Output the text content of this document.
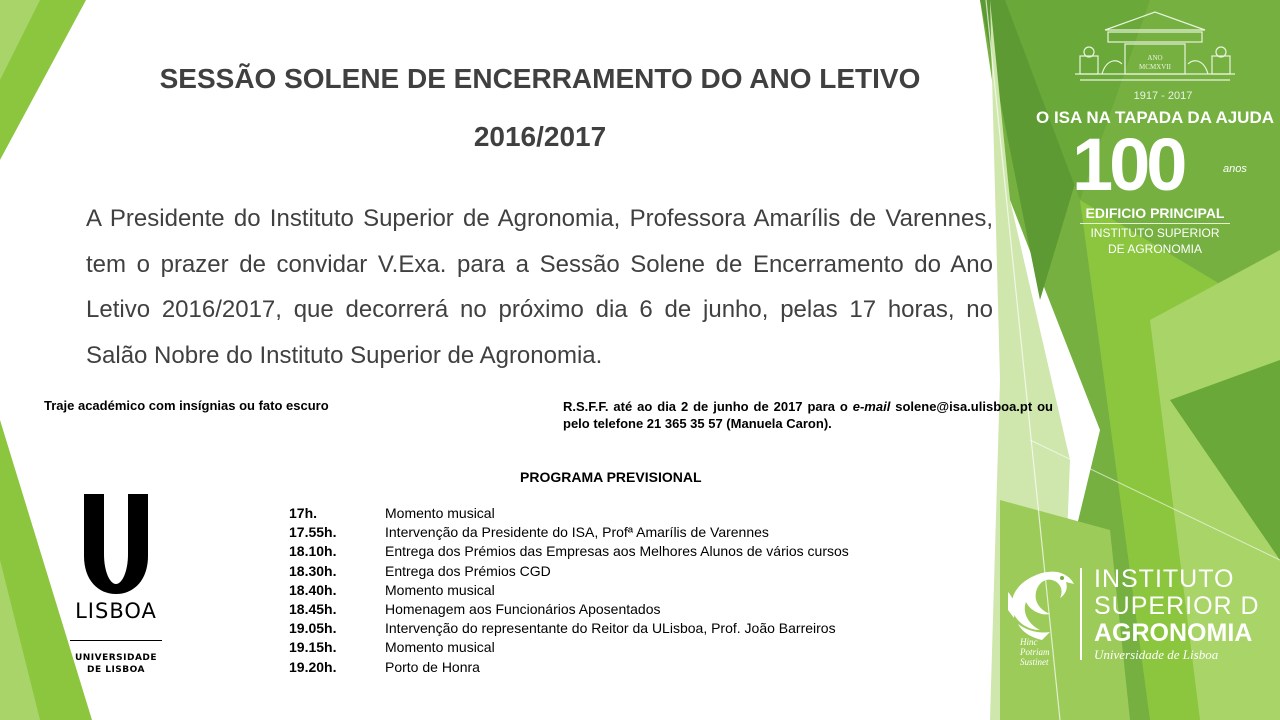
SESSÃO SOLENE DE ENCERRAMENTO DO ANO LETIVO
2016/2017
A Presidente do Instituto Superior de Agronomia, Professora Amarílis de Varennes, tem o prazer de convidar V.Exa. para a Sessão Solene de Encerramento do Ano Letivo 2016/2017, que decorrerá no próximo dia 6 de junho, pelas 17 horas, no Salão Nobre do Instituto Superior de Agronomia.
Traje académico com insígnias ou fato escuro	R.S.F.F. até ao dia 2 de junho de 2017 para o e-mail solene@isa.ulisboa.pt ou pelo telefone 21 365 35 57 (Manuela Caron).
PROGRAMA PREVISIONAL
17h.	Momento musical
17.55h.	Intervenção da Presidente do ISA, Profª Amarílis de Varennes
18.10h.	Entrega dos Prémios das Empresas aos Melhores Alunos de vários cursos
18.30h.	Entrega dos Prémios CGD
18.40h.	Momento musical
18.45h.	Homenagem aos Funcionários Aposentados
19.05h.	Intervenção do representante do Reitor da ULisboa, Prof. João Barreiros
19.15h.	Momento musical
19.20h.	Porto de Honra
LISBOA
UNIVERSIDADE
DE LISBOA
ANO
MCMXVII
1917 - 2017
O ISA NA TAPADA DA AJUDA
100	anos
EDIFICIO PRINCIPAL
INSTITUTO SUPERIOR
DE AGRONOMIA
Hinc
Potriam
Sustinet
INSTITUTO
SUPERIOR D
AGRONOMIA
Universidade de Lisboa
